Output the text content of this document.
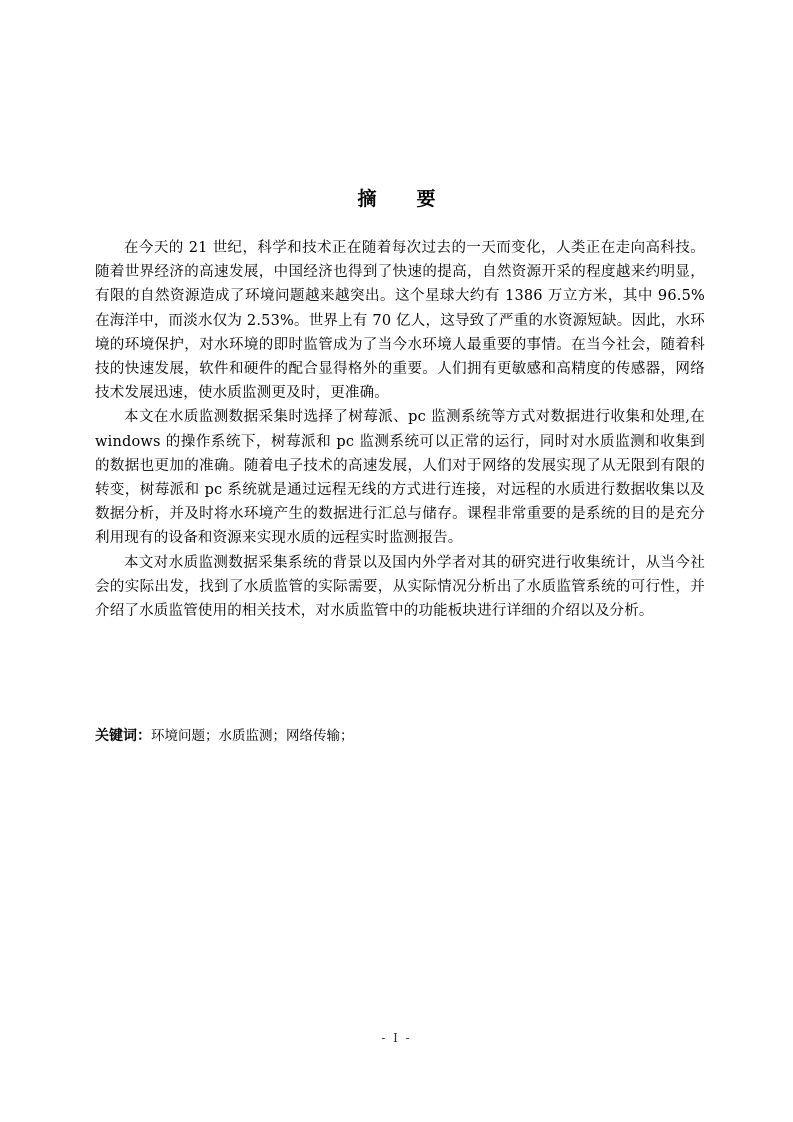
摘 要

在今天的 21 世纪，科学和技术正在随着每次过去的一天而变化，人类正在走向高科技。随着世界经济的高速发展，中国经济也得到了快速的提高，自然资源开采的程度越来约明显，有限的自然资源造成了环境问题越来越突出。这个星球大约有 1386 万立方米，其中 96.5%在海洋中，而淡水仅为 2.53%。世界上有 70 亿人，这导致了严重的水资源短缺。因此，水环境的环境保护，对水环境的即时监管成为了当今水环境人最重要的事情。在当今社会，随着科技的快速发展，软件和硬件的配合显得格外的重要。人们拥有更敏感和高精度的传感器，网络技术发展迅速，使水质监测更及时，更准确。

本文在水质监测数据采集时选择了树莓派、pc 监测系统等方式对数据进行收集和处理,在 windows 的操作系统下，树莓派和 pc 监测系统可以正常的运行，同时对水质监测和收集到的数据也更加的准确。随着电子技术的高速发展，人们对于网络的发展实现了从无限到有限的转变，树莓派和 pc 系统就是通过远程无线的方式进行连接，对远程的水质进行数据收集以及数据分析，并及时将水环境产生的数据进行汇总与储存。课程非常重要的是系统的目的是充分利用现有的设备和资源来实现水质的远程实时监测报告。

本文对水质监测数据采集系统的背景以及国内外学者对其的研究进行收集统计，从当今社会的实际出发，找到了水质监管的实际需要，从实际情况分析出了水质监管系统的可行性，并介绍了水质监管使用的相关技术，对水质监管中的功能板块进行详细的介绍以及分析。

关键词：环境问题；水质监测；网络传输；
- I -
